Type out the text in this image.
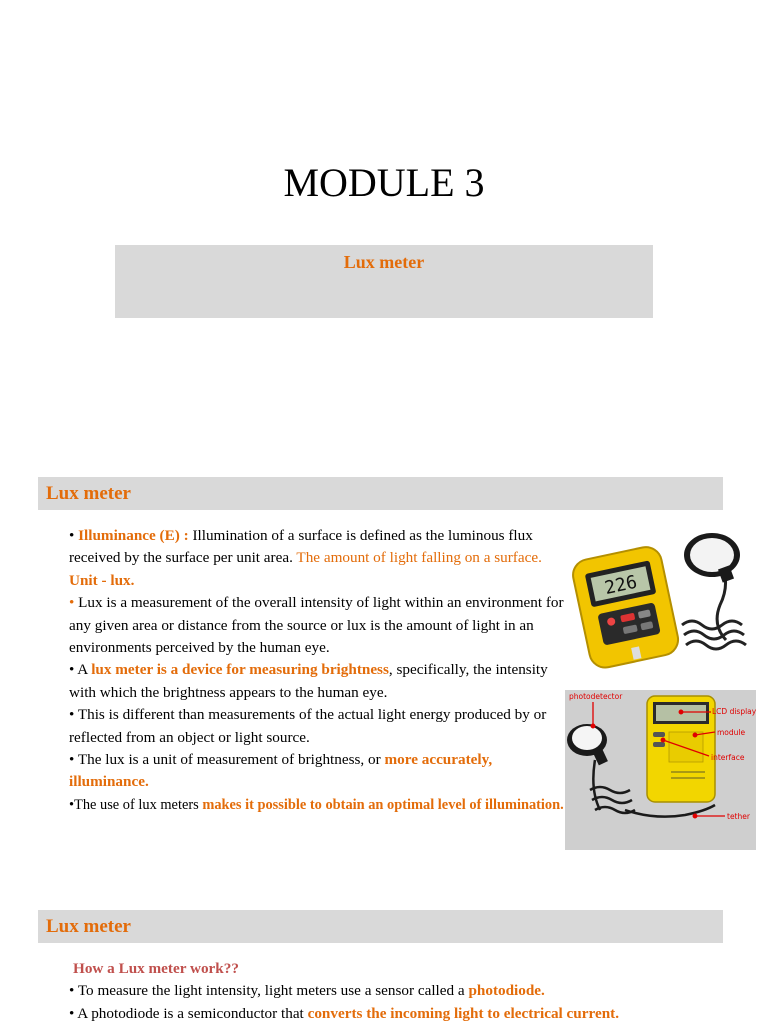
MODULE 3
Lux meter
Lux meter

• Illuminance (E) : Illumination of a surface is defined as the luminous flux received by the surface per unit area. The amount of light falling on a surface. Unit - lux.

• Lux is a measurement of the overall intensity of light within an environment for any given area or distance from the source or lux is the amount of light in an environments perceived by the human eye.

• A lux meter is a device for measuring brightness, specifically, the intensity with which the brightness appears to the human eye.

• This is different than measurements of the actual light energy produced by or reflected from an object or light source.

• The lux is a unit of measurement of brightness, or more accurately, illuminance.

•The use of lux meters makes it possible to obtain an optimal level of illumination.

226
photodetector
LCD display
module
interface
tether
Lux meter

How a Lux meter work??

• To measure the light intensity, light meters use a sensor called a photodiode.

• A photodiode is a semiconductor that converts the incoming light to electrical current.
